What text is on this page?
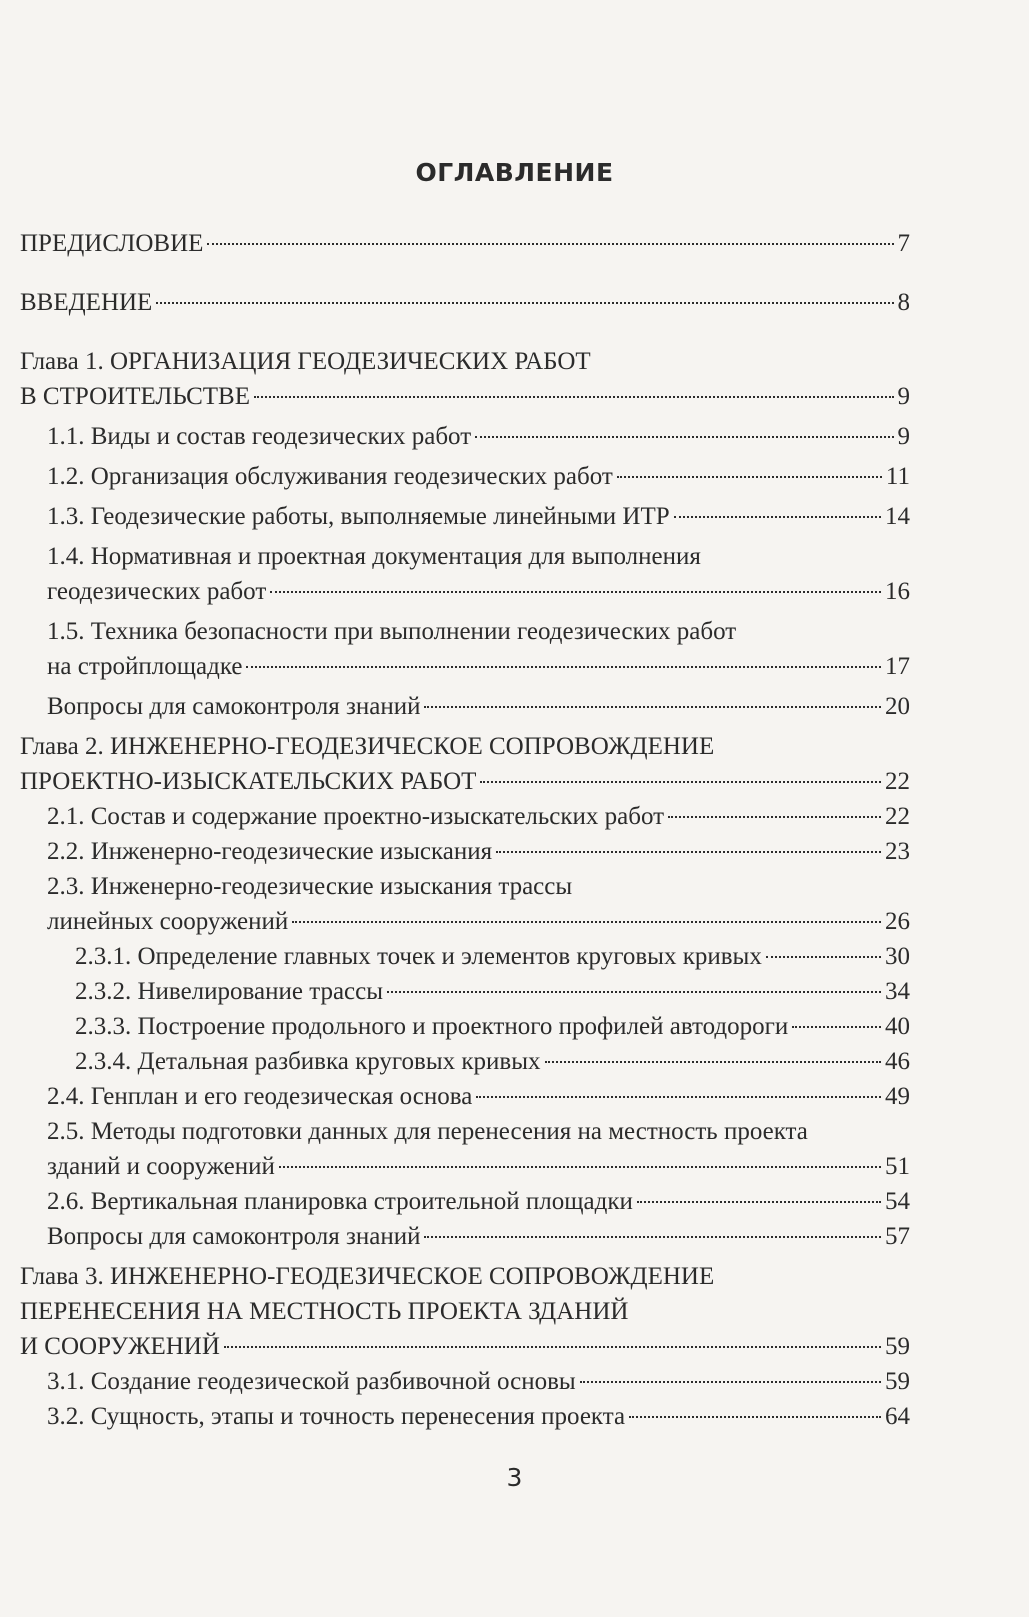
ОГЛАВЛЕНИЕ
ПРЕДИСЛОВИЕ	7
ВВЕДЕНИЕ	8
Глава 1. ОРГАНИЗАЦИЯ ГЕОДЕЗИЧЕСКИХ РАБОТ
В СТРОИТЕЛЬСТВЕ	9
1.1. Виды и состав геодезических работ	9
1.2. Организация обслуживания геодезических работ	11
1.3. Геодезические работы, выполняемые линейными ИТР	14
1.4. Нормативная и проектная документация для выполнения
геодезических работ	16
1.5. Техника безопасности при выполнении геодезических работ
на стройплощадке	17
Вопросы для самоконтроля знаний	20
Глава 2. ИНЖЕНЕРНО-ГЕОДЕЗИЧЕСКОЕ СОПРОВОЖДЕНИЕ
ПРОЕКТНО-ИЗЫСКАТЕЛЬСКИХ РАБОТ	22
2.1. Состав и содержание проектно-изыскательских работ	22
2.2. Инженерно-геодезические изыскания	23
2.3. Инженерно-геодезические изыскания трассы
линейных сооружений	26
2.3.1. Определение главных точек и элементов круговых кривых	30
2.3.2. Нивелирование трассы	34
2.3.3. Построение продольного и проектного профилей автодороги	40
2.3.4. Детальная разбивка круговых кривых	46
2.4. Генплан и его геодезическая основа	49
2.5. Методы подготовки данных для перенесения на местность проекта
зданий и сооружений	51
2.6. Вертикальная планировка строительной площадки	54
Вопросы для самоконтроля знаний	57
Глава 3. ИНЖЕНЕРНО-ГЕОДЕЗИЧЕСКОЕ СОПРОВОЖДЕНИЕ
ПЕРЕНЕСЕНИЯ НА МЕСТНОСТЬ ПРОЕКТА ЗДАНИЙ
И СООРУЖЕНИЙ	59
3.1. Создание геодезической разбивочной основы	59
3.2. Сущность, этапы и точность перенесения проекта	64
3
